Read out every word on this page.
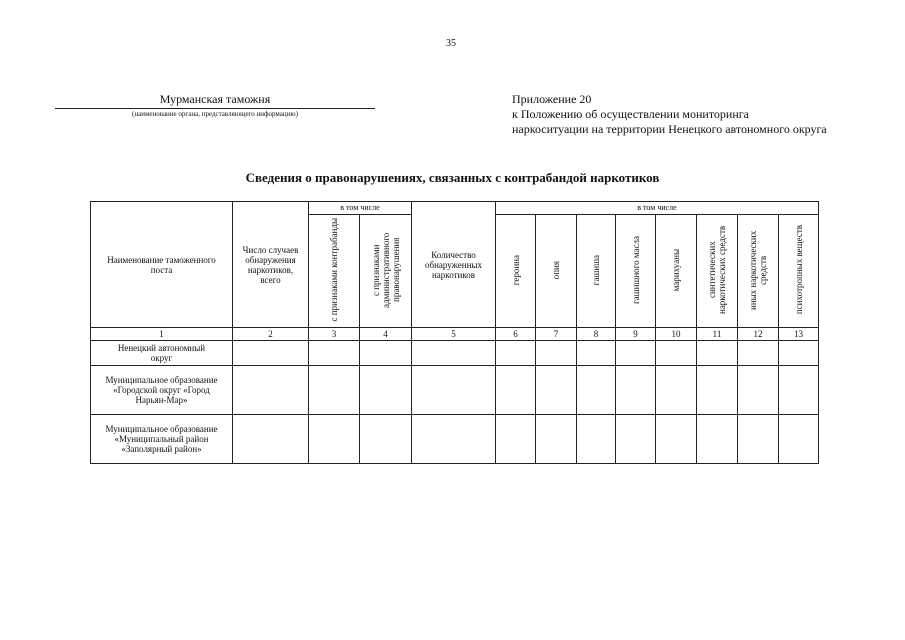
35
Мурманская таможня
(наименование органа, представляющего информацию)
Приложение 20
к Положению об осуществлении мониторинга
наркоситуации на территории Ненецкого автономного округа
Сведения о правонарушениях, связанных с контрабандой наркотиков
Наименование таможенного поста	Число случаев обнаружения наркотиков, всего	в том числе		Количество обнаруженных наркотиков	в том числе							
		с признаками контрабанды	с признаками административного правонарушения		героина	опия	гашиша	гашишного масла	марихуаны	синтетических наркотических средств	иных наркотических средств	психотропных веществ
1	2	3	4	5	6	7	8	9	10	11	12	13
Ненецкий автономный округ												
Муниципальное образование «Городской округ «Город Нарьян-Мар»												
Муниципальное образование «Муниципальный район «Заполярный район»												
